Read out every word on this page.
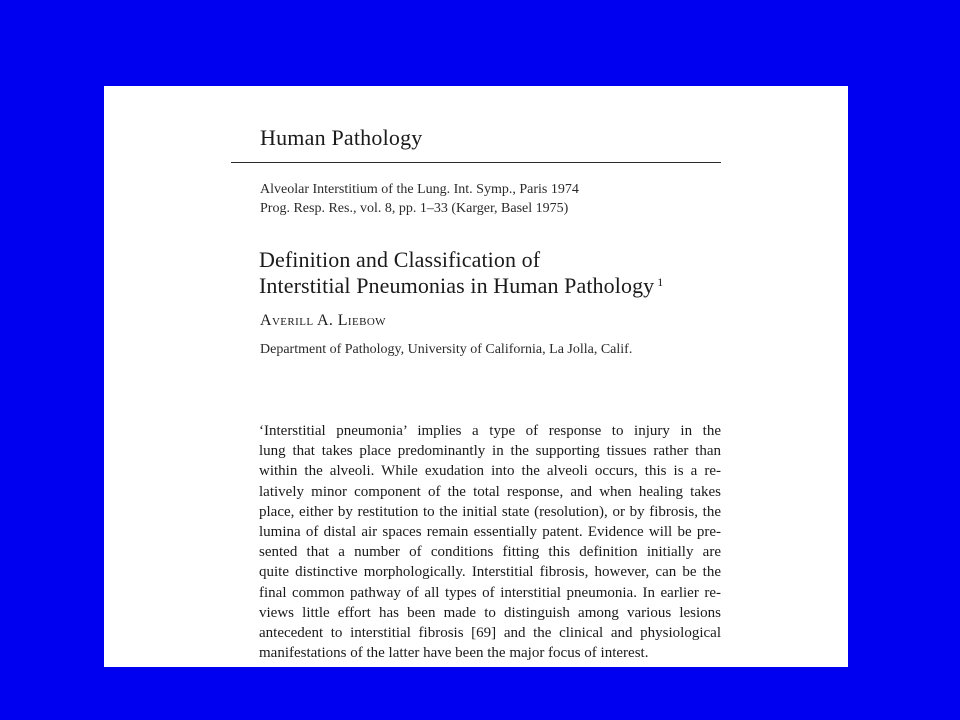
Human Pathology
Alveolar Interstitium of the Lung. Int. Symp., Paris 1974
Prog. Resp. Res., vol. 8, pp. 1–33 (Karger, Basel 1975)
Definition and Classification of
Interstitial Pneumonias in Human Pathology $^1$
Averill A. Liebow
Department of Pathology, University of California, La Jolla, Calif.
‘Interstitial pneumonia’ implies a type of response to injury in the
lung that takes place predominantly in the supporting tissues rather than
within the alveoli. While exudation into the alveoli occurs, this is a re-
latively minor component of the total response, and when healing takes
place, either by restitution to the initial state (resolution), or by fibrosis, the
lumina of distal air spaces remain essentially patent. Evidence will be pre-
sented that a number of conditions fitting this definition initially are
quite distinctive morphologically. Interstitial fibrosis, however, can be the
final common pathway of all types of interstitial pneumonia. In earlier re-
views little effort has been made to distinguish among various lesions
antecedent to interstitial fibrosis [69] and the clinical and physiological
manifestations of the latter have been the major focus of interest.
